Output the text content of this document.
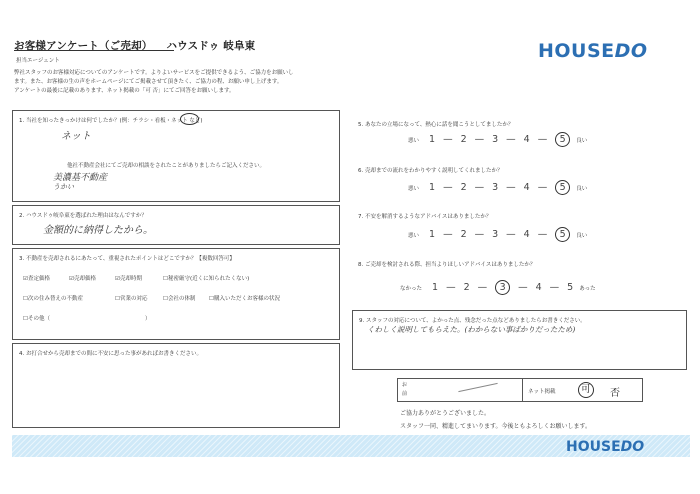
お客様アンケート（ご売却） ハウスドゥ 岐阜東
担当エージェント
弊社スタッフのお客様対応についてのアンケートです。よりよいサービスをご提供できるよう、ご協力をお願いし
ます。また、お客様の生の声をホームページにてご掲載させて頂きたく、ご協力の程、お願い申し上げます。
アンケートの最後に記載のあります、ネット掲載の「可 否」にてご回答をお願いします。
HOUSEDO
1. 当社を知ったきっかけは何でしたか？(例：チラシ・看板・ネット など)
ネット
他社不動産会社にてご売却の相談をされたことがありましたらご記入ください。
美濃基不動産
うかい
2. ハウスドゥ岐阜東を選ばれた理由はなんですか？
金額的に納得したから。
3. 不動産を売却されるにあたって、重視されたポイントはどこですか？【複数回答可】
☑査定価格	☑売却価格	☑売却時期	☐秘密厳守(近くに知られたくない)
☐次の住み替えの不動産	☐営業の対応	☐会社の体制 ☐購入いただくお客様の状況
☐その他（	）
4. お打合せから売却までの間に不安に思った事があればお書きください。
5. あなたの立場になって、熱心に話を聞こうとしてましたか？
悪い 1 — 2 — 3 — 4 —	5	良い
6. 売却までの流れをわかりやすく説明してくれましたか？
悪い 1 — 2 — 3 — 4 —	5	良い
7. 不安を解消するようなアドバイスはありましたか？
悪い 1 — 2 — 3 — 4 —	5	良い
8. ご売却を検討される際、担当よりほしいアドバイスはありましたか？
なかった 1 — 2 —	3	— 4 — 5 あった
9. スタッフの対応について、よかった点、残念だった点などありましたらお書きください。
くわしく説明してもらえた。(わからない事ばかりだったため)
お
前	ネット掲載	可	否
ご協力ありがとうございました。
スタッフ一同、精進してまいります。今後ともよろしくお願いします。
HOUSEDO
